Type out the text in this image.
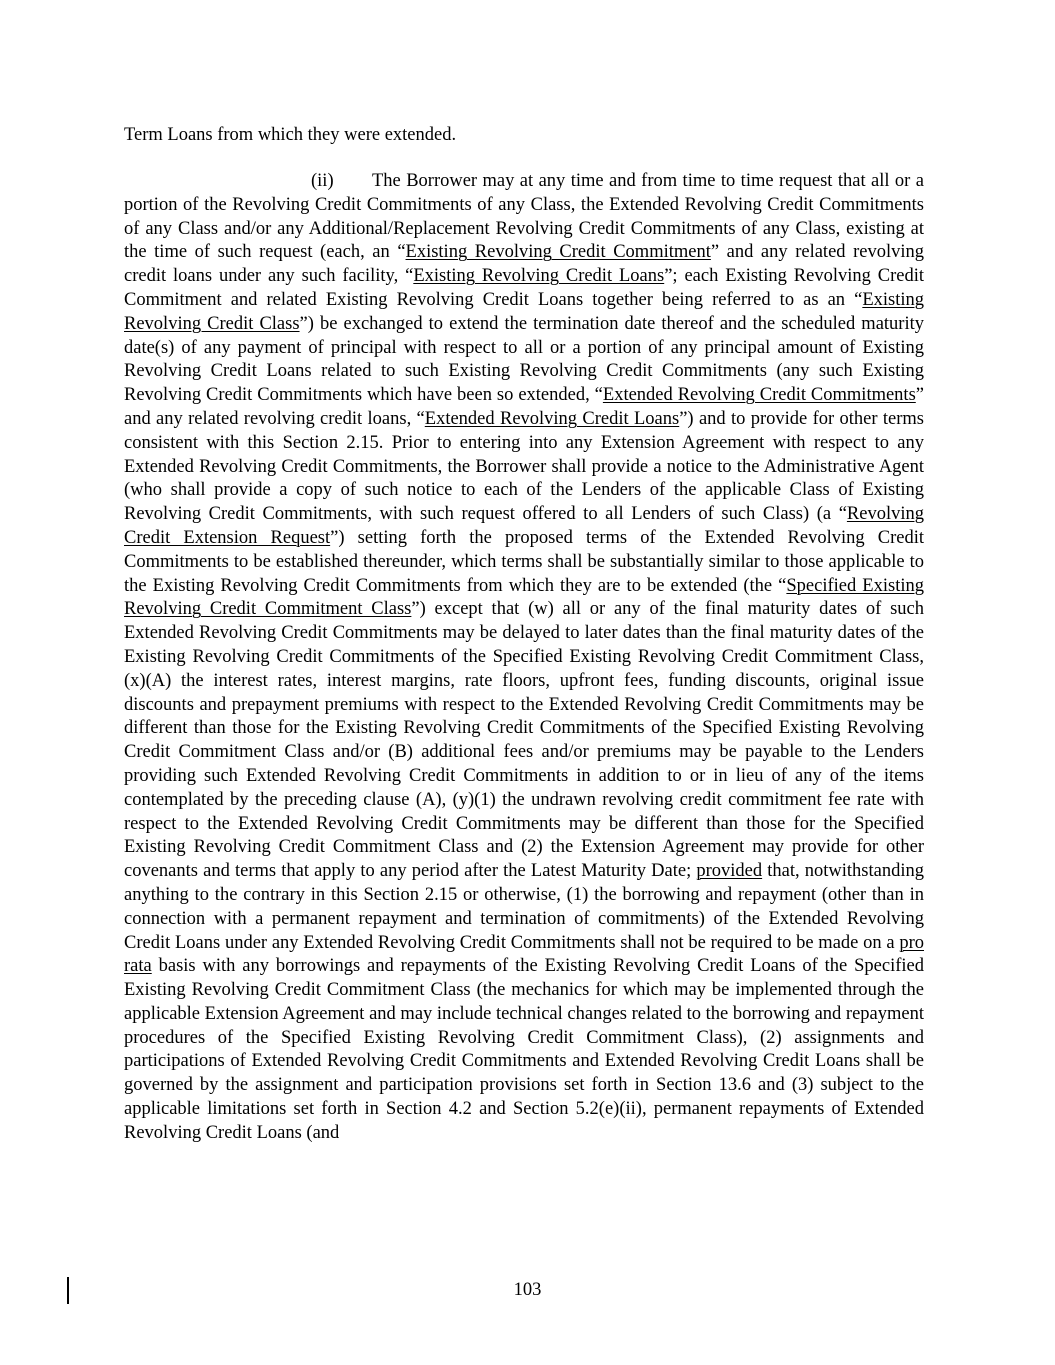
Term Loans from which they were extended.
(ii) The Borrower may at any time and from time to time request that all or a portion of the Revolving Credit Commitments of any Class, the Extended Revolving Credit Commitments of any Class and/or any Additional/Replacement Revolving Credit Commitments of any Class, existing at the time of such request (each, an “Existing Revolving Credit Commitment” and any related revolving credit loans under any such facility, “Existing Revolving Credit Loans”; each Existing Revolving Credit Commitment and related Existing Revolving Credit Loans together being referred to as an “Existing Revolving Credit Class”) be exchanged to extend the termination date thereof and the scheduled maturity date(s) of any payment of principal with respect to all or a portion of any principal amount of Existing Revolving Credit Loans related to such Existing Revolving Credit Commitments (any such Existing Revolving Credit Commitments which have been so extended, “Extended Revolving Credit Commitments” and any related revolving credit loans, “Extended Revolving Credit Loans”) and to provide for other terms consistent with this Section 2.15. Prior to entering into any Extension Agreement with respect to any Extended Revolving Credit Commitments, the Borrower shall provide a notice to the Administrative Agent (who shall provide a copy of such notice to each of the Lenders of the applicable Class of Existing Revolving Credit Commitments, with such request offered to all Lenders of such Class) (a “Revolving Credit Extension Request”) setting forth the proposed terms of the Extended Revolving Credit Commitments to be established thereunder, which terms shall be substantially similar to those applicable to the Existing Revolving Credit Commitments from which they are to be extended (the “Specified Existing Revolving Credit Commitment Class”) except that (w) all or any of the final maturity dates of such Extended Revolving Credit Commitments may be delayed to later dates than the final maturity dates of the Existing Revolving Credit Commitments of the Specified Existing Revolving Credit Commitment Class, (x)(A) the interest rates, interest margins, rate floors, upfront fees, funding discounts, original issue discounts and prepayment premiums with respect to the Extended Revolving Credit Commitments may be different than those for the Existing Revolving Credit Commitments of the Specified Existing Revolving Credit Commitment Class and/or (B) additional fees and/or premiums may be payable to the Lenders providing such Extended Revolving Credit Commitments in addition to or in lieu of any of the items contemplated by the preceding clause (A), (y)(1) the undrawn revolving credit commitment fee rate with respect to the Extended Revolving Credit Commitments may be different than those for the Specified Existing Revolving Credit Commitment Class and (2) the Extension Agreement may provide for other covenants and terms that apply to any period after the Latest Maturity Date; provided that, notwithstanding anything to the contrary in this Section 2.15 or otherwise, (1) the borrowing and repayment (other than in connection with a permanent repayment and termination of commitments) of the Extended Revolving Credit Loans under any Extended Revolving Credit Commitments shall not be required to be made on a pro rata basis with any borrowings and repayments of the Existing Revolving Credit Loans of the Specified Existing Revolving Credit Commitment Class (the mechanics for which may be implemented through the applicable Extension Agreement and may include technical changes related to the borrowing and repayment procedures of the Specified Existing Revolving Credit Commitment Class), (2) assignments and participations of Extended Revolving Credit Commitments and Extended Revolving Credit Loans shall be governed by the assignment and participation provisions set forth in Section 13.6 and (3) subject to the applicable limitations set forth in Section 4.2 and Section 5.2(e)(ii), permanent repayments of Extended Revolving Credit Loans (and
103
